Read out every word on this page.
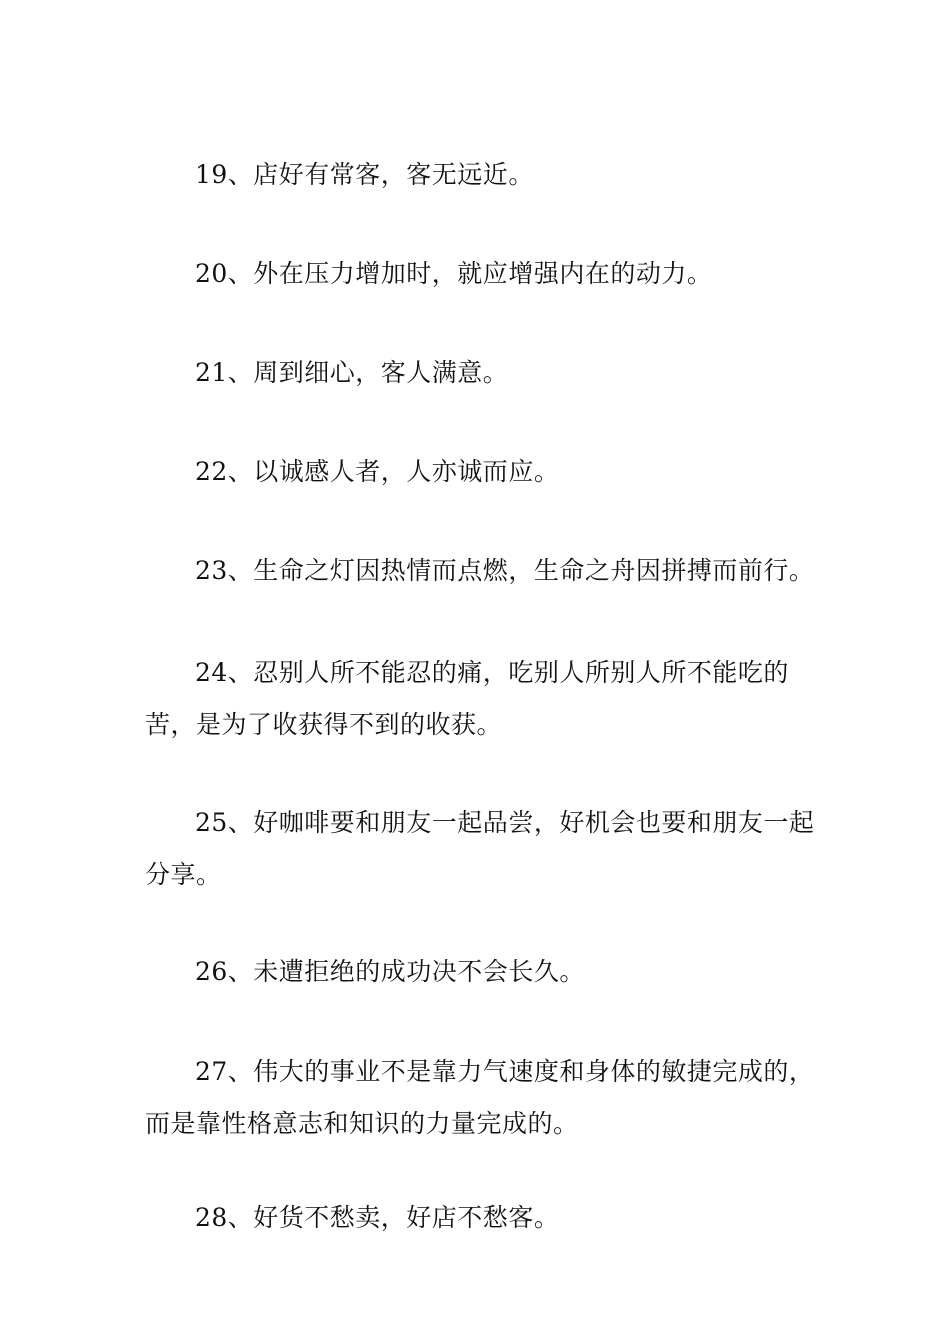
19、店好有常客，客无远近。

20、外在压力增加时，就应增强内在的动力。

21、周到细心，客人满意。

22、以诚感人者，人亦诚而应。

23、生命之灯因热情而点燃，生命之舟因拼搏而前行。

24、忍别人所不能忍的痛，吃别人所别人所不能吃的苦，是为了收获得不到的收获。

25、好咖啡要和朋友一起品尝，好机会也要和朋友一起分享。

26、未遭拒绝的成功决不会长久。

27、伟大的事业不是靠力气速度和身体的敏捷完成的，而是靠性格意志和知识的力量完成的。

28、好货不愁卖，好店不愁客。
